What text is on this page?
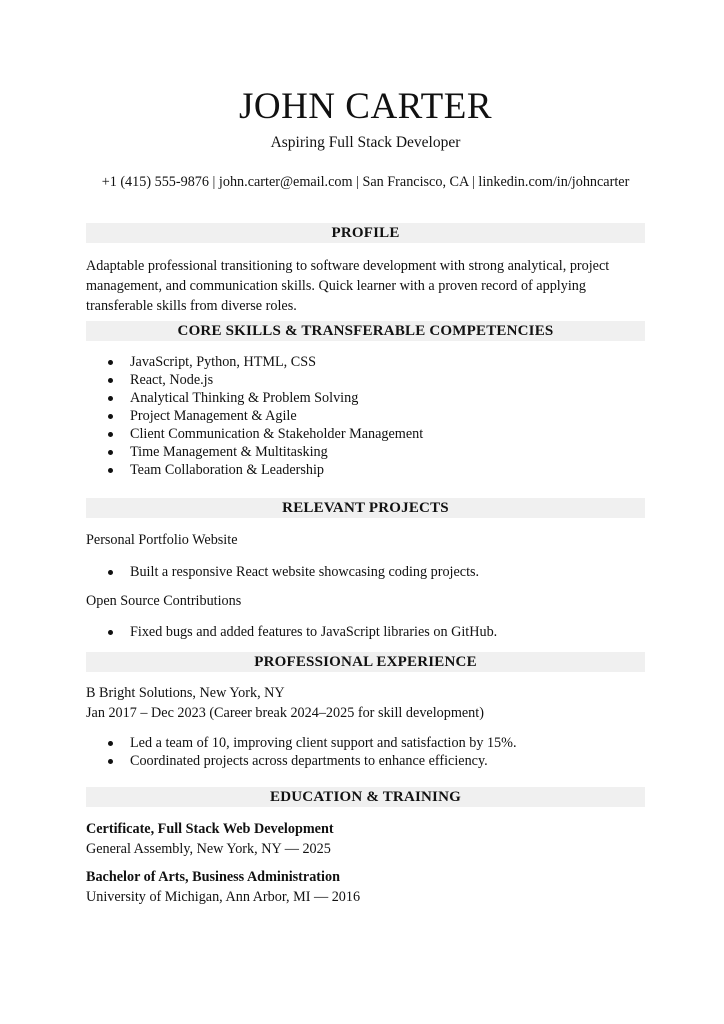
JOHN CARTER
Aspiring Full Stack Developer
+1 (415) 555-9876 | john.carter@email.com | San Francisco, CA | linkedin.com/in/johncarter
PROFILE
Adaptable professional transitioning to software development with strong analytical, project management, and communication skills. Quick learner with a proven record of applying transferable skills from diverse roles.
CORE SKILLS & TRANSFERABLE COMPETENCIES
JavaScript, Python, HTML, CSS
React, Node.js
Analytical Thinking & Problem Solving
Project Management & Agile
Client Communication & Stakeholder Management
Time Management & Multitasking
Team Collaboration & Leadership
RELEVANT PROJECTS
Personal Portfolio Website
Built a responsive React website showcasing coding projects.
Open Source Contributions
Fixed bugs and added features to JavaScript libraries on GitHub.
PROFESSIONAL EXPERIENCE
B Bright Solutions, New York, NY
Jan 2017 – Dec 2023 (Career break 2024–2025 for skill development)
Led a team of 10, improving client support and satisfaction by 15%.
Coordinated projects across departments to enhance efficiency.
EDUCATION & TRAINING
Certificate, Full Stack Web Development
General Assembly, New York, NY — 2025
Bachelor of Arts, Business Administration
University of Michigan, Ann Arbor, MI — 2016
